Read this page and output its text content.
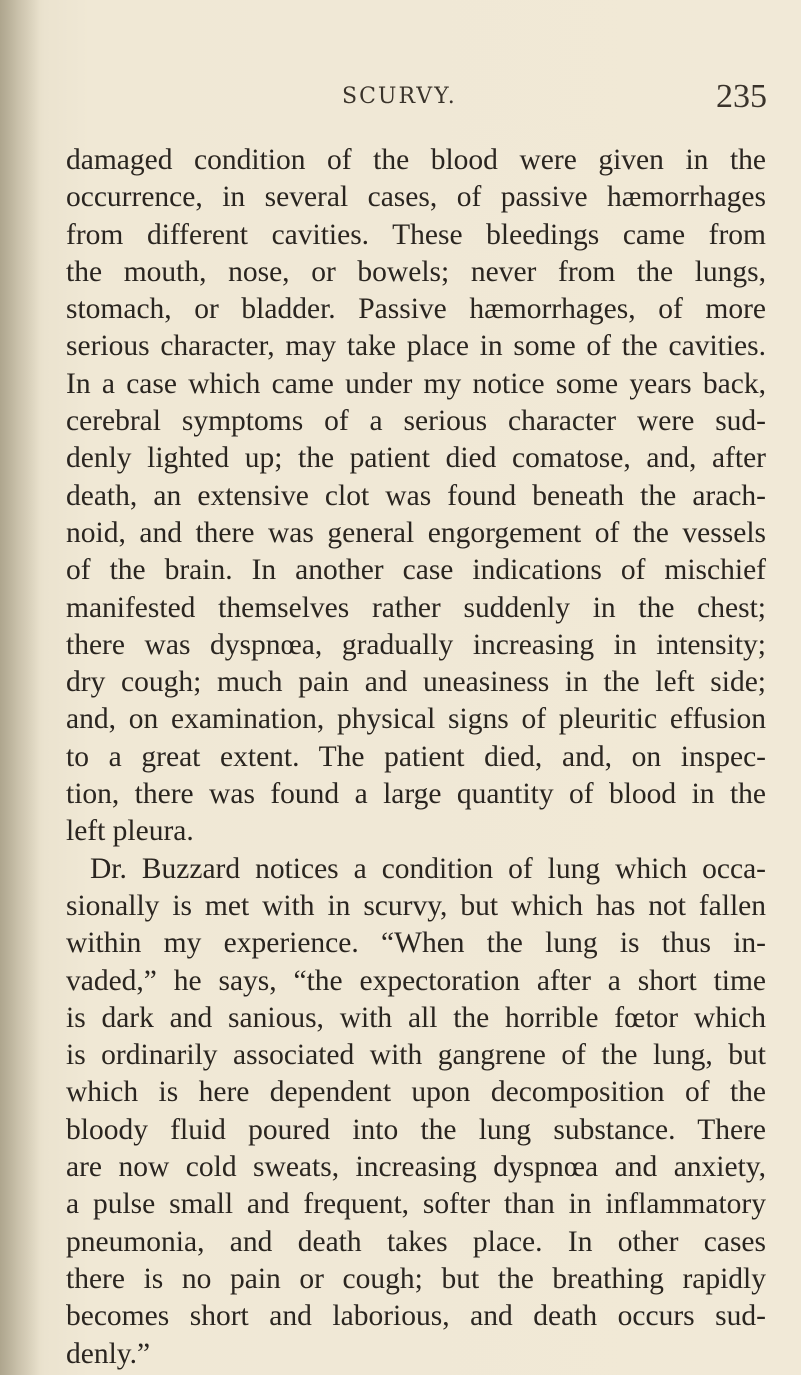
SCURVY.	235
damaged condition of the blood were given in the
occurrence, in several cases, of passive hæmorrhages
from different cavities. These bleedings came from
the mouth, nose, or bowels; never from the lungs,
stomach, or bladder. Passive hæmorrhages, of more
serious character, may take place in some of the cavities.
In a case which came under my notice some years back,
cerebral symptoms of a serious character were sud-
denly lighted up; the patient died comatose, and, after
death, an extensive clot was found beneath the arach-
noid, and there was general engorgement of the vessels
of the brain. In another case indications of mischief
manifested themselves rather suddenly in the chest;
there was dyspnœa, gradually increasing in intensity;
dry cough; much pain and uneasiness in the left side;
and, on examination, physical signs of pleuritic effusion
to a great extent. The patient died, and, on inspec-
tion, there was found a large quantity of blood in the
left pleura.
Dr. Buzzard notices a condition of lung which occa-
sionally is met with in scurvy, but which has not fallen
within my experience. “When the lung is thus in-
vaded,” he says, “the expectoration after a short time
is dark and sanious, with all the horrible fœtor which
is ordinarily associated with gangrene of the lung, but
which is here dependent upon decomposition of the
bloody fluid poured into the lung substance. There
are now cold sweats, increasing dyspnœa and anxiety,
a pulse small and frequent, softer than in inflammatory
pneumonia, and death takes place. In other cases
there is no pain or cough; but the breathing rapidly
becomes short and laborious, and death occurs sud-
denly.”
